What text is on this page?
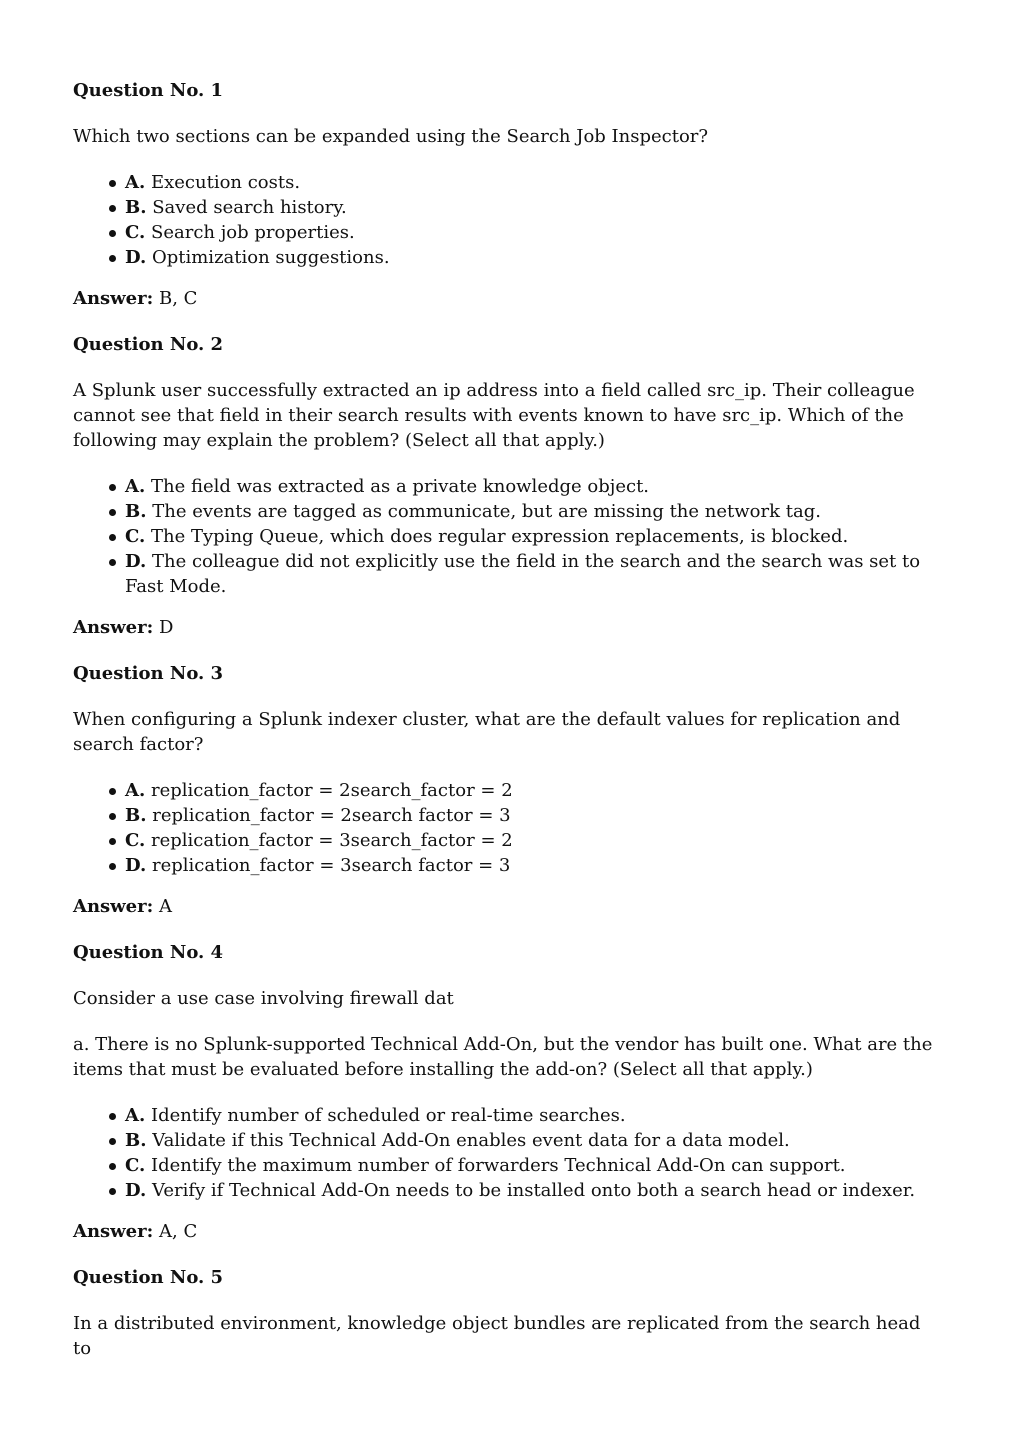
Question No. 1
Which two sections can be expanded using the Search Job Inspector?
A. Execution costs.
B. Saved search history.
C. Search job properties.
D. Optimization suggestions.
Answer: B, C
Question No. 2
A Splunk user successfully extracted an ip address into a field called src_ip. Their colleague cannot see that field in their search results with events known to have src_ip. Which of the following may explain the problem? (Select all that apply.)
A. The field was extracted as a private knowledge object.
B. The events are tagged as communicate, but are missing the network tag.
C. The Typing Queue, which does regular expression replacements, is blocked.
D. The colleague did not explicitly use the field in the search and the search was set to Fast Mode.
Answer: D
Question No. 3
When configuring a Splunk indexer cluster, what are the default values for replication and search factor?
A. replication_factor = 2search_factor = 2
B. replication_factor = 2search factor = 3
C. replication_factor = 3search_factor = 2
D. replication_factor = 3search factor = 3
Answer: A
Question No. 4
Consider a use case involving firewall dat
a. There is no Splunk-supported Technical Add-On, but the vendor has built one. What are the items that must be evaluated before installing the add-on? (Select all that apply.)
A. Identify number of scheduled or real-time searches.
B. Validate if this Technical Add-On enables event data for a data model.
C. Identify the maximum number of forwarders Technical Add-On can support.
D. Verify if Technical Add-On needs to be installed onto both a search head or indexer.
Answer: A, C
Question No. 5
In a distributed environment, knowledge object bundles are replicated from the search head to
